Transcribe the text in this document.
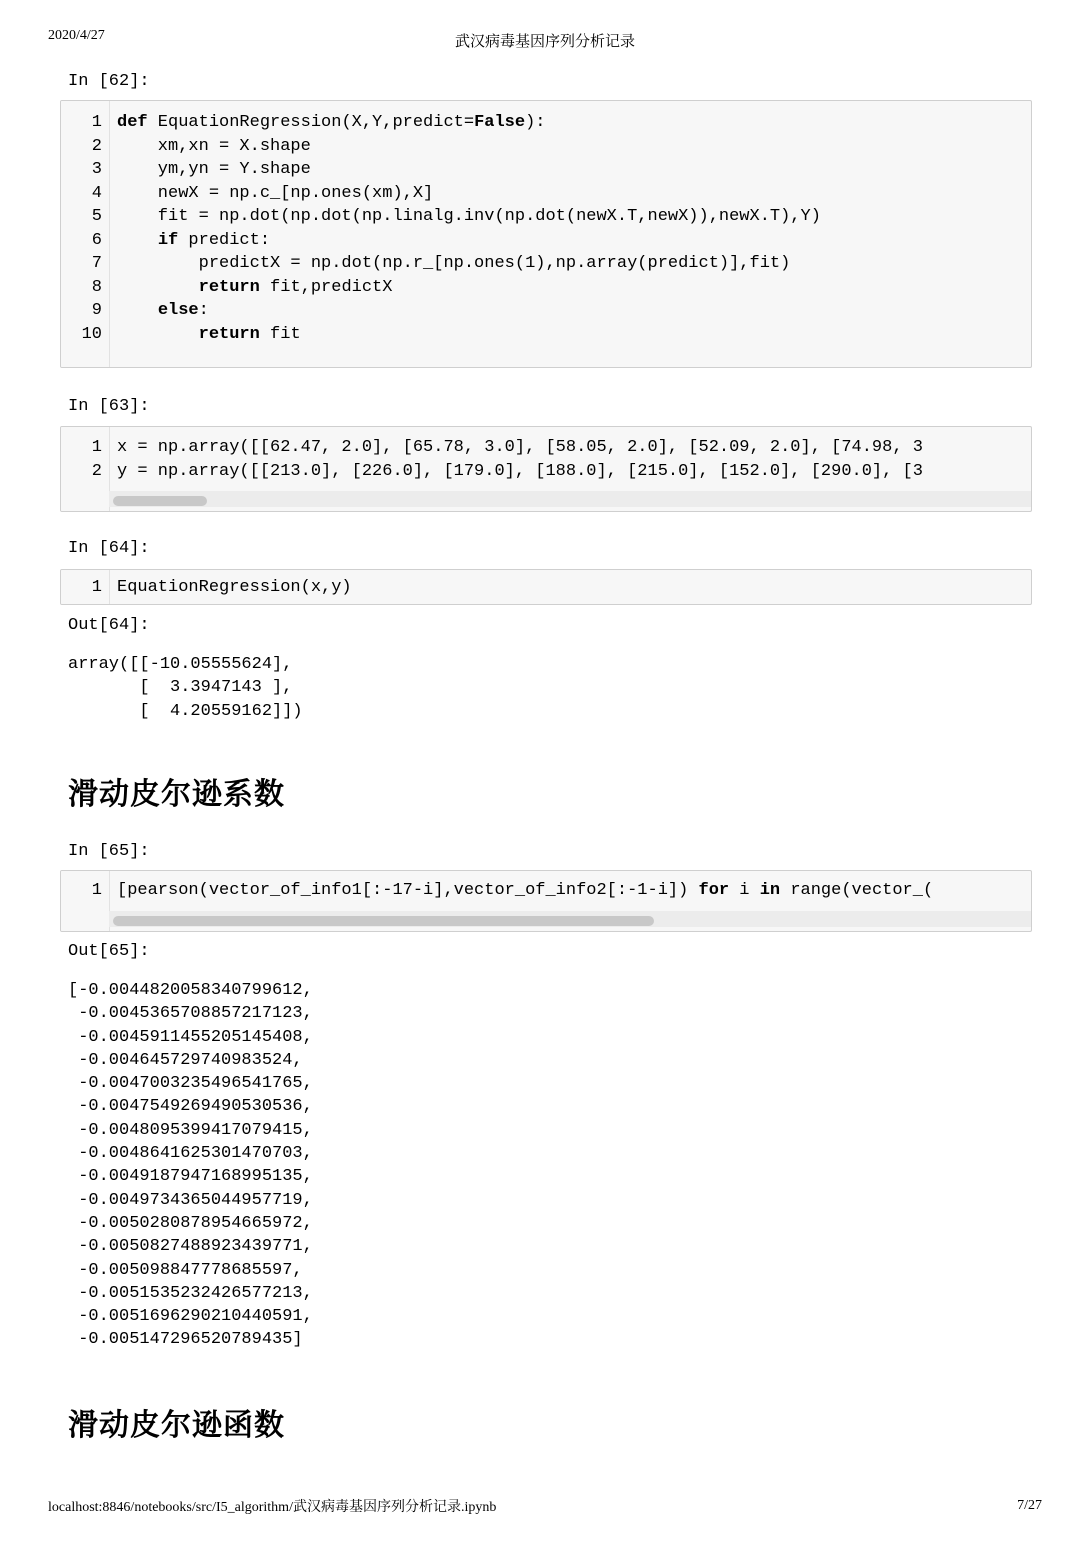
2020/4/27	武汉病毒基因序列分析记录
localhost:8846/notebooks/src/I5_algorithm/武汉病毒基因序列分析记录.ipynb	7/27
In [62]:
1 def EquationRegression(X,Y,predict=False):
2 xm,xn = X.shape
3 ym,yn = Y.shape
4 newX = np.c_[np.ones(xm),X]
5 fit = np.dot(np.dot(np.linalg.inv(np.dot(newX.T,newX)),newX.T),Y)
6	if predict:
7 predictX = np.dot(np.r_[np.ones(1),np.array(predict)],fit)
8	return fit,predictX
9	else:
10	return fit
In [63]:
1 x = np.array([[62.47, 2.0], [65.78, 3.0], [58.05, 2.0], [52.09, 2.0], [74.98, 3
2 y = np.array([[213.0], [226.0], [179.0], [188.0], [215.0], [152.0], [290.0], [3
In [64]:
1 EquationRegression(x,y)
Out[64]:
array([[-10.05555624],
[  3.3947143 ],
[  4.20559162]])
滑动皮尔逊系数
In [65]:
1 [pearson(vector_of_info1[:-17-i],vector_of_info2[:-1-i]) for i in range(vector_(
Out[65]:
[-0.0044820058340799612,
-0.0045365708857217123,
-0.0045911455205145408,
-0.004645729740983524,
-0.0047003235496541765,
-0.0047549269490530536,
-0.0048095399417079415,
-0.0048641625301470703,
-0.0049187947168995135,
-0.0049734365044957719,
-0.0050280878954665972,
-0.0050827488923439771,
-0.005098847778685597,
-0.0051535232426577213,
-0.0051696290210440591,
-0.005147296520789435]
滑动皮尔逊函数
